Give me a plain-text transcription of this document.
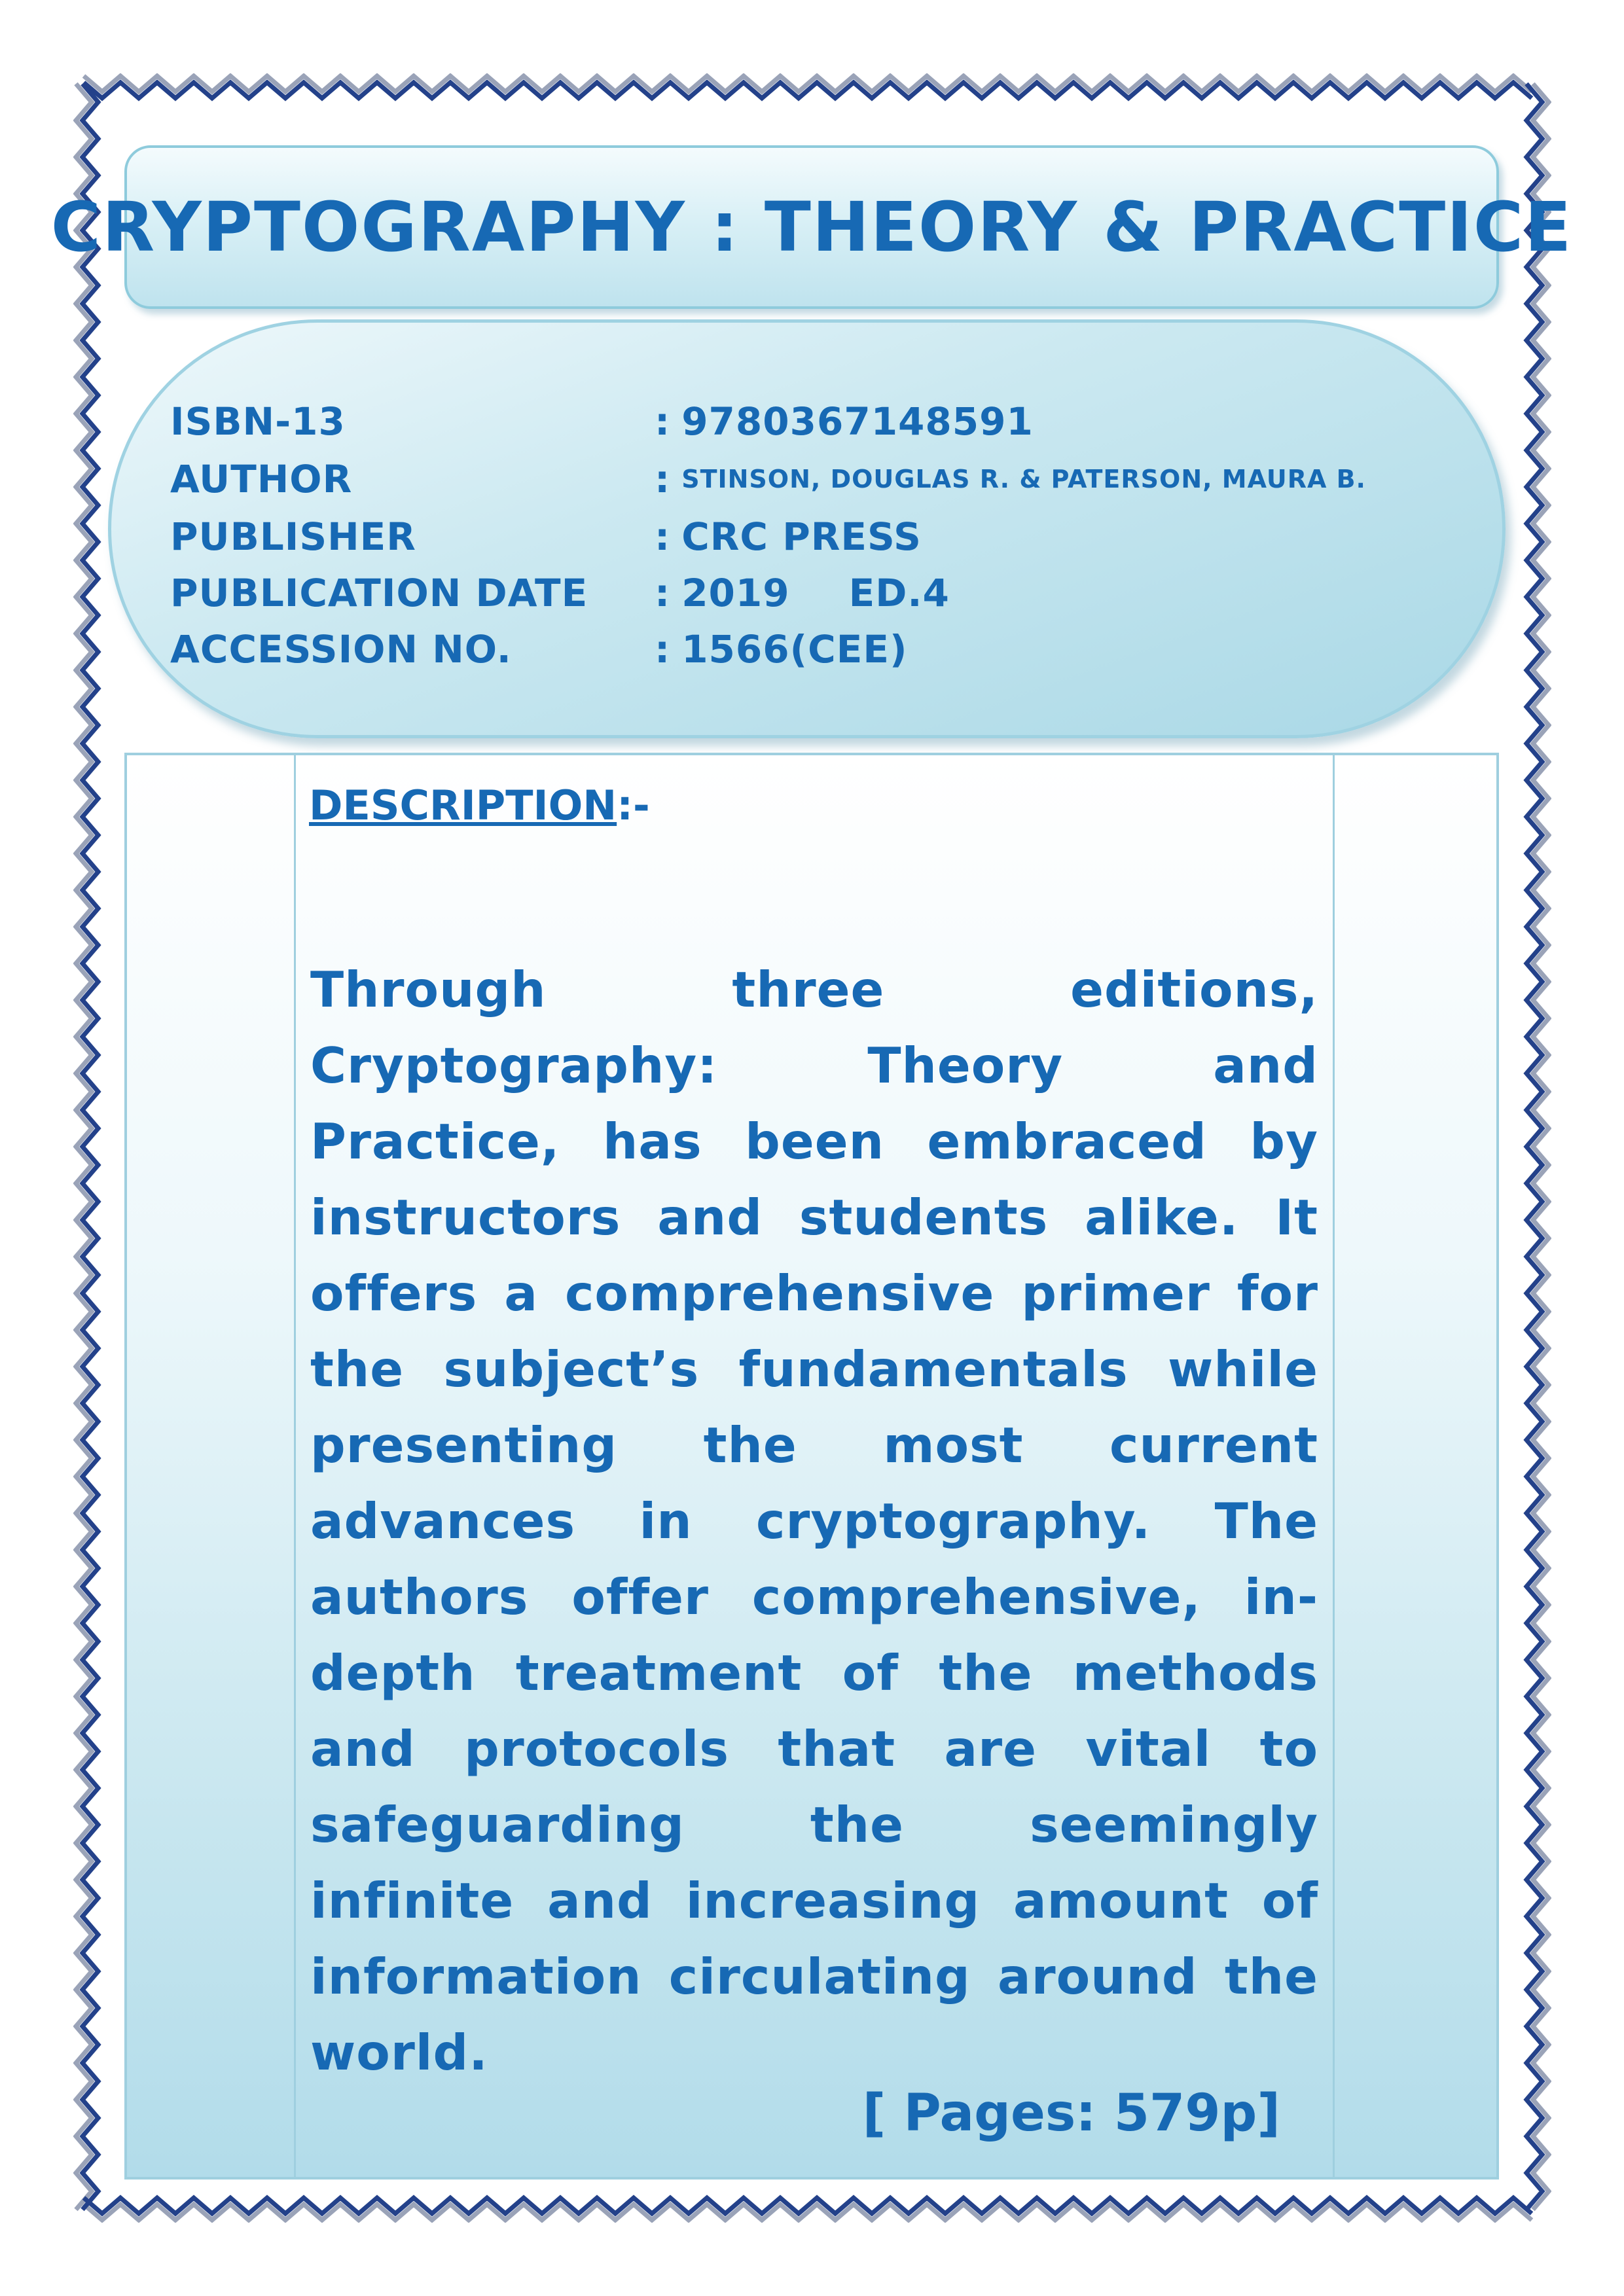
CRYPTOGRAPHY : THEORY & PRACTICE
ISBN-13	: 9780367148591
AUTHOR	: STINSON, DOUGLAS R. & PATERSON, MAURA B.
PUBLISHER	: CRC PRESS
PUBLICATION DATE	: 2019 ED.4
ACCESSION NO.	: 1566(CEE)
DESCRIPTION:-
Through three editions, Cryptography: Theory and Practice, has been embraced by instructors and students alike. It offers a comprehensive primer for the subject’s fundamentals while presenting the most current advances in cryptography. The authors offer comprehensive, in-depth treatment of the methods and protocols that are vital to safeguarding the seemingly infinite and increasing amount of information circulating around the world.
[ Pages: 579p]
